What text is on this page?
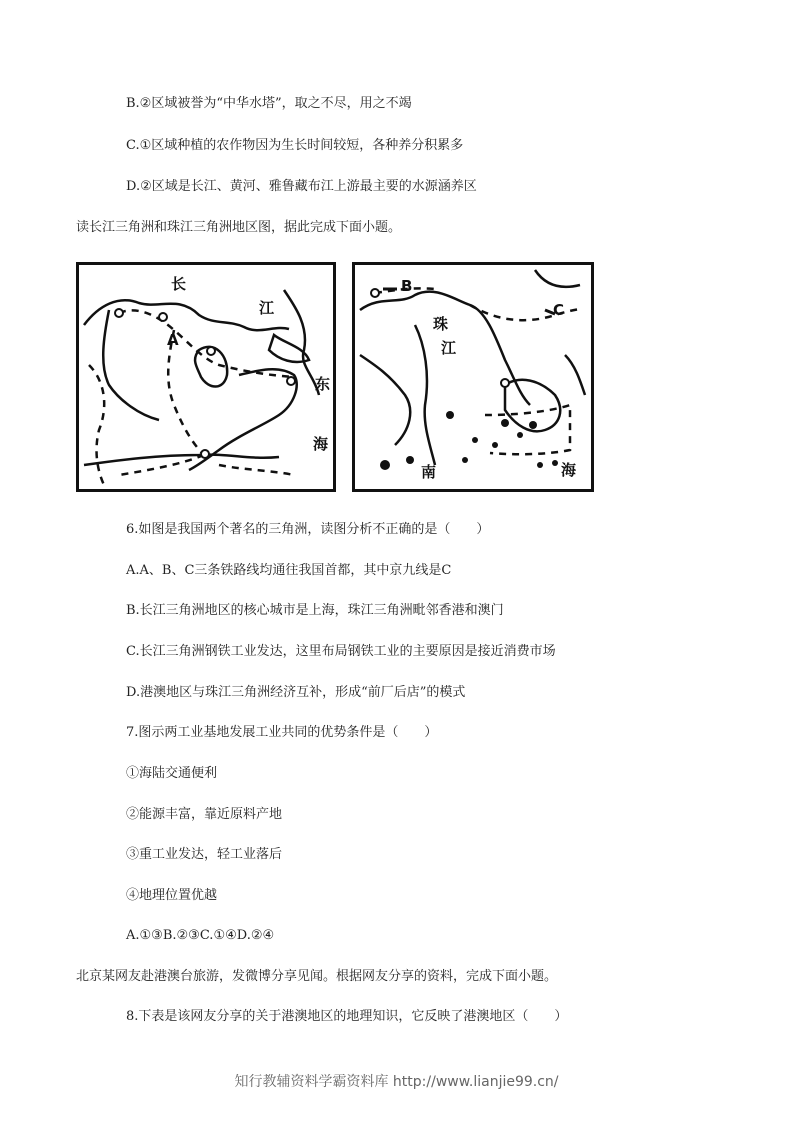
B.②区域被誉为“中华水塔”，取之不尽，用之不竭
C.①区域种植的农作物因为生长时间较短，各种养分积累多
D.②区域是长江、黄河、雅鲁藏布江上游最主要的水源涵养区
读长江三角洲和珠江三角洲地区图，据此完成下面小题。
长
江
A
东
海
B
C
珠
江
南	海
6.如图是我国两个著名的三角洲，读图分析不正确的是（　　）
A.A、B、C三条铁路线均通往我国首都，其中京九线是C
B.长江三角洲地区的核心城市是上海，珠江三角洲毗邻香港和澳门
C.长江三角洲钢铁工业发达，这里布局钢铁工业的主要原因是接近消费市场
D.港澳地区与珠江三角洲经济互补，形成“前厂后店”的模式
7.图示两工业基地发展工业共同的优势条件是（　　）
①海陆交通便利
②能源丰富，靠近原料产地
③重工业发达，轻工业落后
④地理位置优越
A.①③B.②③C.①④D.②④
北京某网友赴港澳台旅游，发微博分享见闻。根据网友分享的资料，完成下面小题。
8.下表是该网友分享的关于港澳地区的地理知识，它反映了港澳地区（　　）
知行教辅资料学霸资料库 http://www.lianjie99.cn/
